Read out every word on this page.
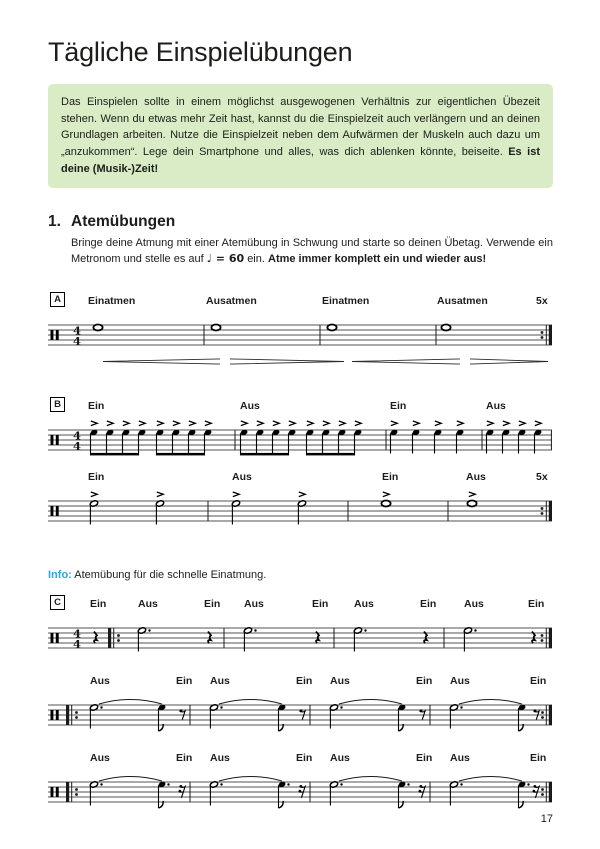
Tägliche Einspielübungen
Das Einspielen sollte in einem möglichst ausgewogenen Verhältnis zur eigentlichen Übezeit stehen. Wenn du etwas mehr Zeit hast, kannst du die Einspielzeit auch verlängern und an deinen Grundlagen arbeiten. Nutze die Einspielzeit neben dem Aufwärmen der Muskeln auch dazu um „anzukommen“. Lege dein Smartphone und alles, was dich ablenken könnte, beiseite. Es ist deine (Musik-)Zeit!
1. Atemübungen

Bringe deine Atmung mit einer Atemübung in Schwung und starte so deinen Übetag. Verwende ein Metronom und stelle es auf ♩ = 60 ein. Atme immer komplett ein und wieder aus!

A	Einatmen	Ausatmen	Einatmen	Ausatmen	5x
4
4
B	Ein	Aus	Ein	Aus
4
4
Ein	Aus	Ein	Aus	5x
Info: Atemübung für die schnelle Einatmung.
C	Ein	Aus	Ein Aus	Ein Aus	Ein	Aus	Ein
4
4
Aus	Ein Aus	Ein Aus	Ein Aus	Ein
Aus	Ein Aus	Ein Aus	Ein Aus	Ein
17
